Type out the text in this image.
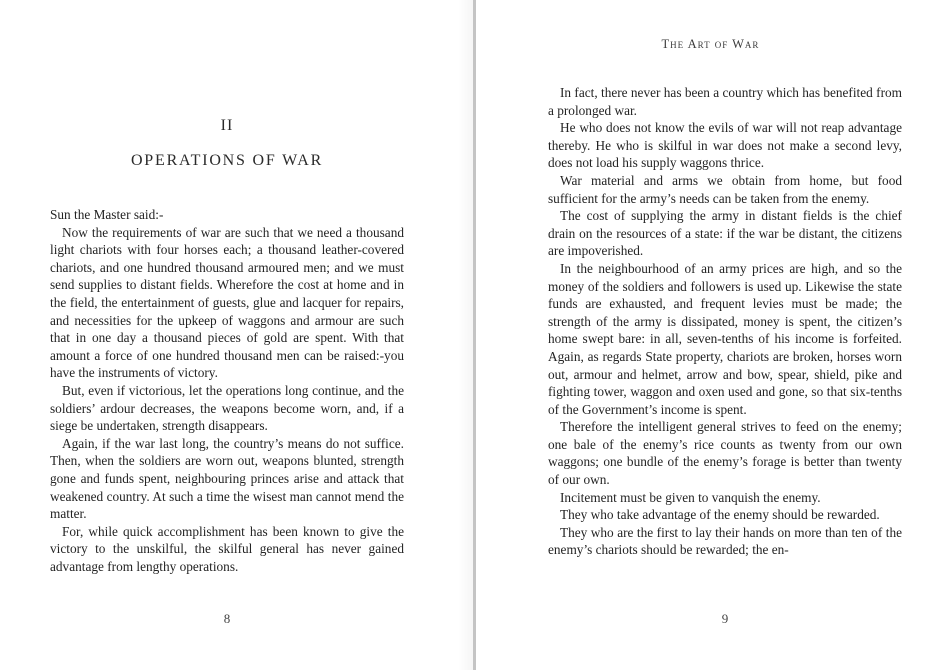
II
OPERATIONS OF WAR

Sun the Master said:-

Now the requirements of war are such that we need a thousand light chariots with four horses each; a thousand leather-covered chariots, and one hundred thousand armoured men; and we must send supplies to distant fields. Wherefore the cost at home and in the field, the entertainment of guests, glue and lacquer for repairs, and necessities for the upkeep of waggons and armour are such that in one day a thousand pieces of gold are spent. With that amount a force of one hundred thousand men can be raised:-you have the instruments of victory.

But, even if victorious, let the operations long continue, and the soldiers’ ardour decreases, the weapons become worn, and, if a siege be undertaken, strength disappears.

Again, if the war last long, the country’s means do not suffice. Then, when the soldiers are worn out, weapons blunted, strength gone and funds spent, neighbouring princes arise and attack that weakened country. At such a time the wisest man cannot mend the matter.

For, while quick accomplishment has been known to give the victory to the unskilful, the skilful general has never gained advantage from lengthy operations.

8
The Art of War

In fact, there never has been a country which has benefited from a prolonged war.

He who does not know the evils of war will not reap advantage thereby. He who is skilful in war does not make a second levy, does not load his supply waggons thrice.

War material and arms we obtain from home, but food sufficient for the army’s needs can be taken from the enemy.

The cost of supplying the army in distant fields is the chief drain on the resources of a state: if the war be distant, the citizens are impoverished.

In the neighbourhood of an army prices are high, and so the money of the soldiers and followers is used up. Likewise the state funds are exhausted, and frequent levies must be made; the strength of the army is dissipated, money is spent, the citizen’s home swept bare: in all, seven-tenths of his income is forfeited. Again, as regards State property, chariots are broken, horses worn out, armour and helmet, arrow and bow, spear, shield, pike and fighting tower, waggon and oxen used and gone, so that six-tenths of the Government’s income is spent.

Therefore the intelligent general strives to feed on the enemy; one bale of the enemy’s rice counts as twenty from our own waggons; one bundle of the enemy’s forage is better than twenty of our own.

Incitement must be given to vanquish the enemy.

They who take advantage of the enemy should be rewarded.

They who are the first to lay their hands on more than ten of the enemy’s chariots should be rewarded; the en-

9
